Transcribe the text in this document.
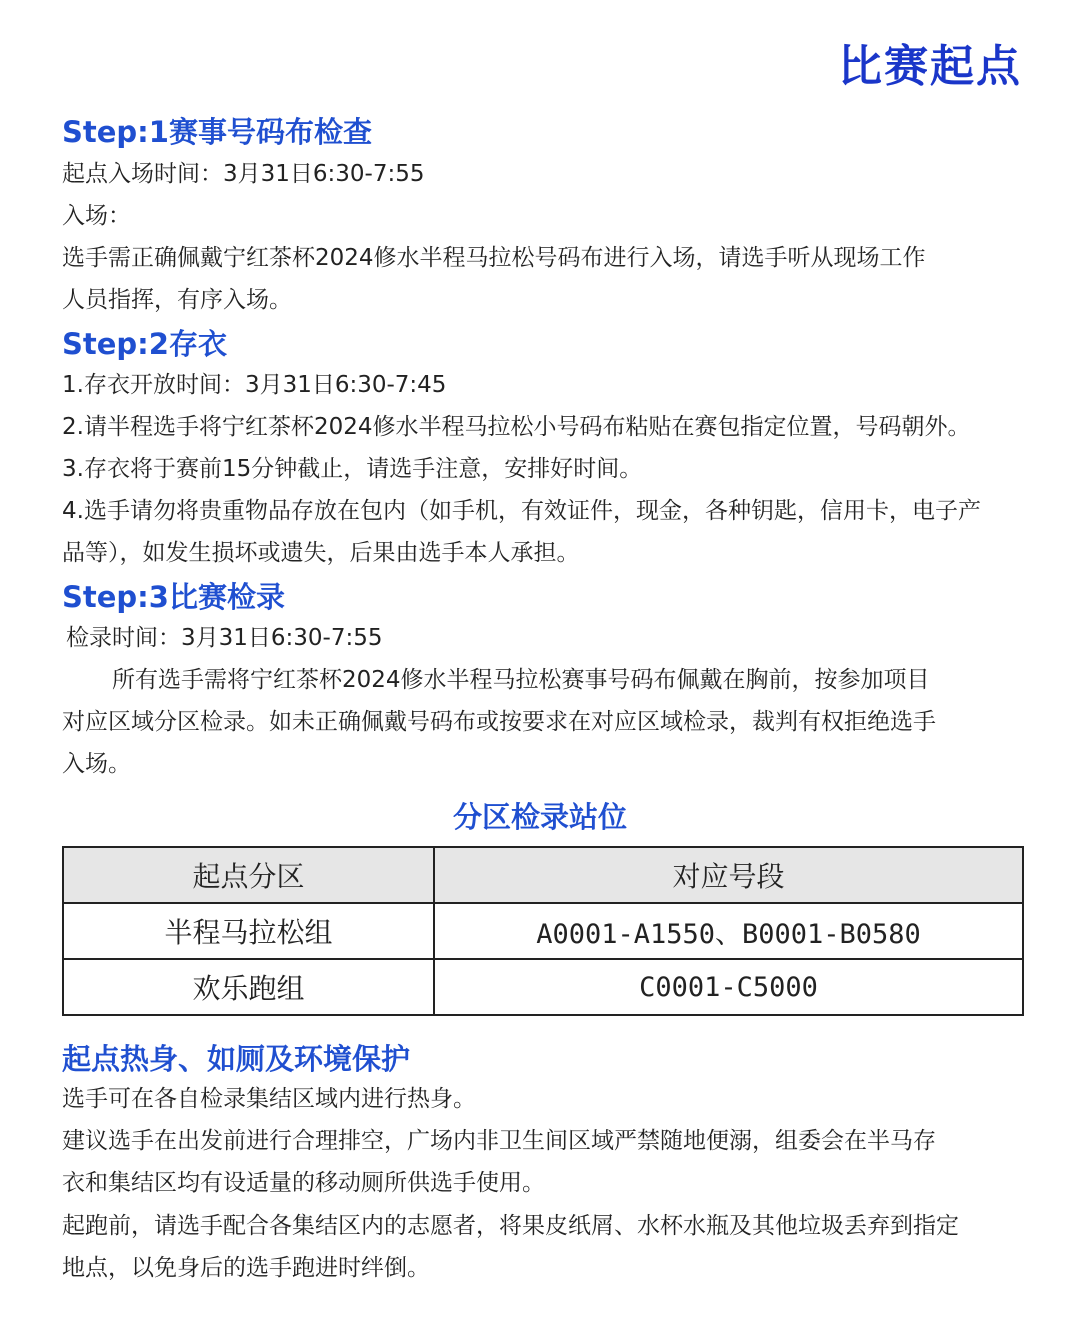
比赛起点
Step:1赛事号码布检查
起点入场时间：3月31日6:30-7:55
入场：
选手需正确佩戴宁红茶杯2024修水半程马拉松号码布进行入场，请选手听从现场工作
人员指挥，有序入场。
Step:2存衣
1.存衣开放时间：3月31日6:30-7:45
2.请半程选手将宁红茶杯2024修水半程马拉松小号码布粘贴在赛包指定位置，号码朝外。
3.存衣将于赛前15分钟截止，请选手注意，安排好时间。
4.选手请勿将贵重物品存放在包内（如手机，有效证件，现金，各种钥匙，信用卡，电子产
品等），如发生损坏或遗失，后果由选手本人承担。
Step:3比赛检录
检录时间：3月31日6:30-7:55
所有选手需将宁红茶杯2024修水半程马拉松赛事号码布佩戴在胸前，按参加项目
对应区域分区检录。如未正确佩戴号码布或按要求在对应区域检录，裁判有权拒绝选手
入场。
分区检录站位
起点分区	对应号段
半程马拉松组	A0001-A1550、B0001-B0580
欢乐跑组	C0001-C5000
起点热身、如厕及环境保护
选手可在各自检录集结区域内进行热身。
建议选手在出发前进行合理排空，广场内非卫生间区域严禁随地便溺，组委会在半马存
衣和集结区均有设适量的移动厕所供选手使用。
起跑前，请选手配合各集结区内的志愿者，将果皮纸屑、水杯水瓶及其他垃圾丢弃到指定
地点，以免身后的选手跑进时绊倒。
